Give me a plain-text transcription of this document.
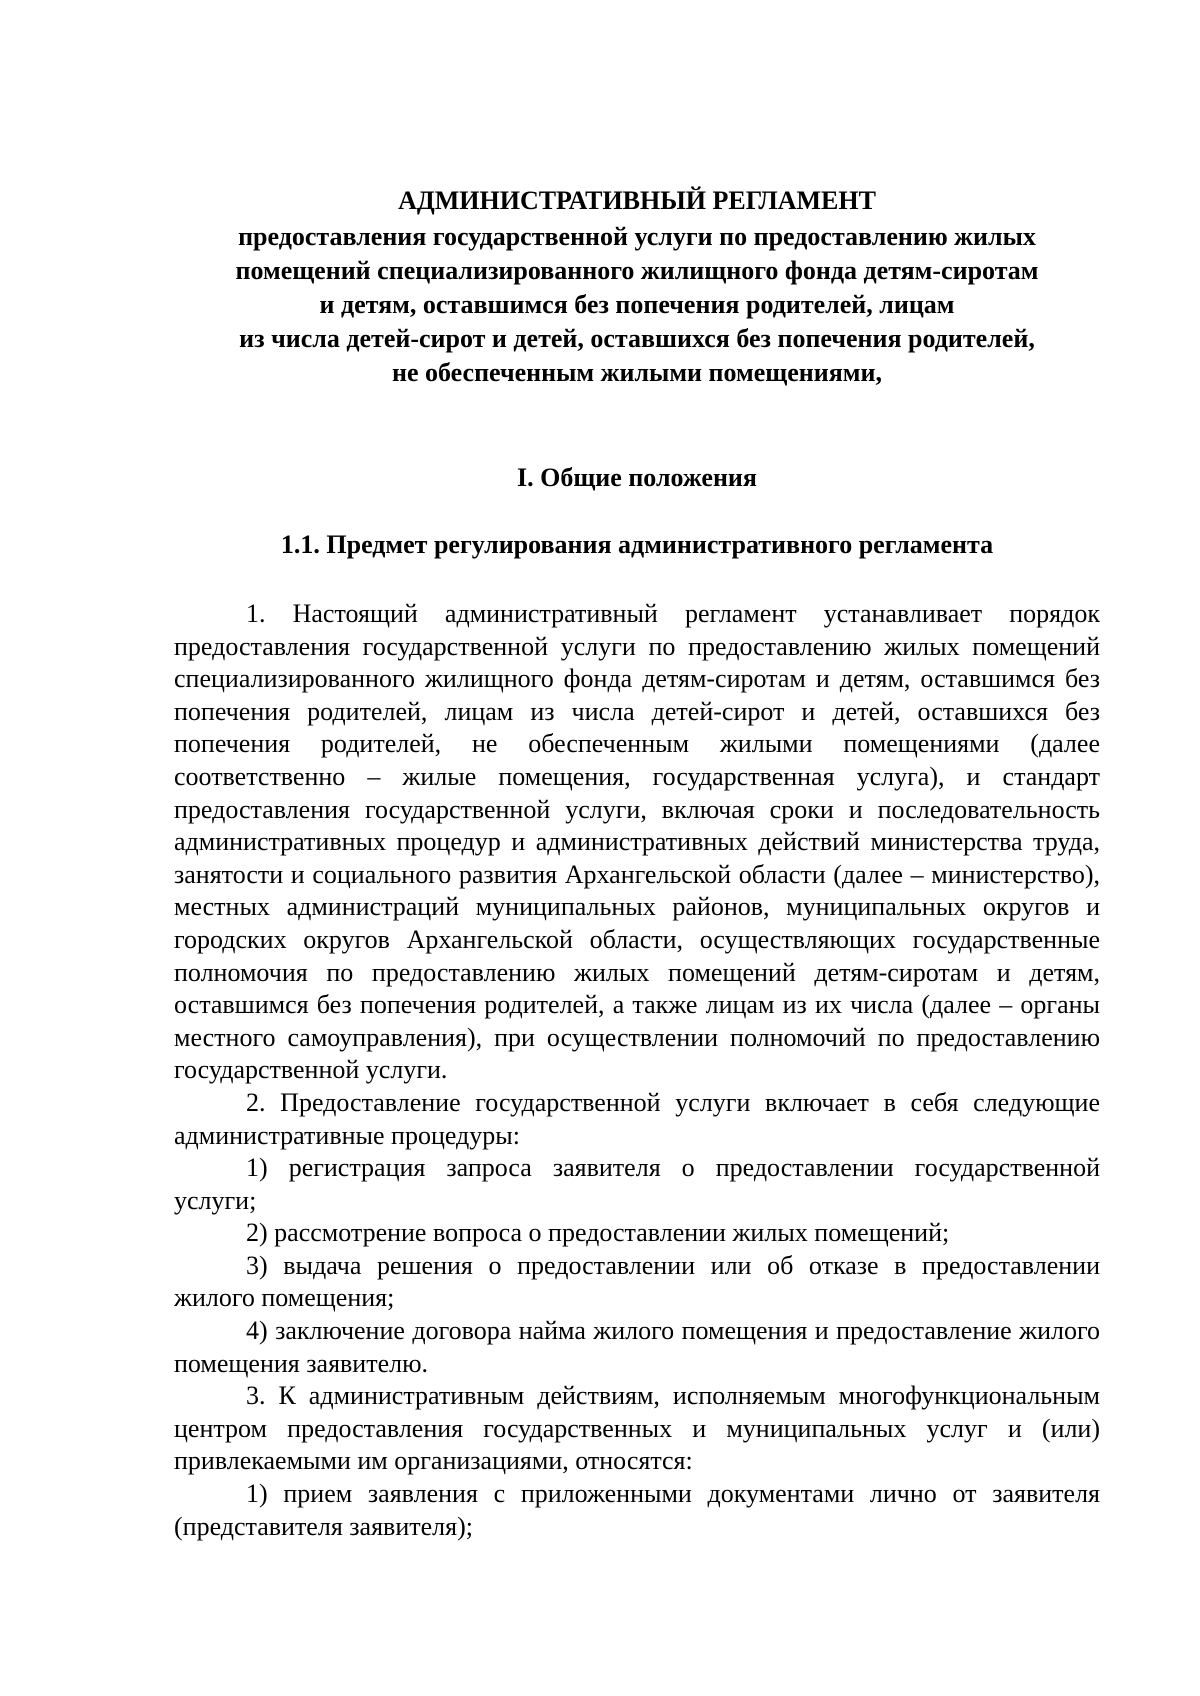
АДМИНИСТРАТИВНЫЙ РЕГЛАМЕНТ
предоставления государственной услуги по предоставлению жилых
помещений специализированного жилищного фонда детям-сиротам
и детям, оставшимся без попечения родителей, лицам
из числа детей-сирот и детей, оставшихся без попечения родителей,
не обеспеченным жилыми помещениями,
I. Общие положения
1.1. Предмет регулирования административного регламента

1. Настоящий административный регламент устанавливает порядок предоставления государственной услуги по предоставлению жилых помещений специализированного жилищного фонда детям-сиротам и детям, оставшимся без попечения родителей, лицам из числа детей-сирот и детей, оставшихся без попечения родителей, не обеспеченным жилыми помещениями (далее соответственно – жилые помещения, государственная услуга), и стандарт предоставления государственной услуги, включая сроки и последовательность административных процедур и административных действий министерства труда, занятости и социального развития Архангельской области (далее – министерство), местных администраций муниципальных районов, муниципальных округов и городских округов Архангельской области, осуществляющих государственные полномочия по предоставлению жилых помещений детям-сиротам и детям, оставшимся без попечения родителей, а также лицам из их числа (далее – органы местного самоуправления), при осуществлении полномочий по предоставлению государственной услуги.

2. Предоставление государственной услуги включает в себя следующие административные процедуры:

1) регистрация запроса заявителя о предоставлении государственной услуги;

2) рассмотрение вопроса о предоставлении жилых помещений;

3) выдача решения о предоставлении или об отказе в предоставлении жилого помещения;

4) заключение договора найма жилого помещения и предоставление жилого помещения заявителю.

3. К административным действиям, исполняемым многофункциональным центром предоставления государственных и муниципальных услуг и (или) привлекаемыми им организациями, относятся:

1) прием заявления с приложенными документами лично от заявителя (представителя заявителя);
